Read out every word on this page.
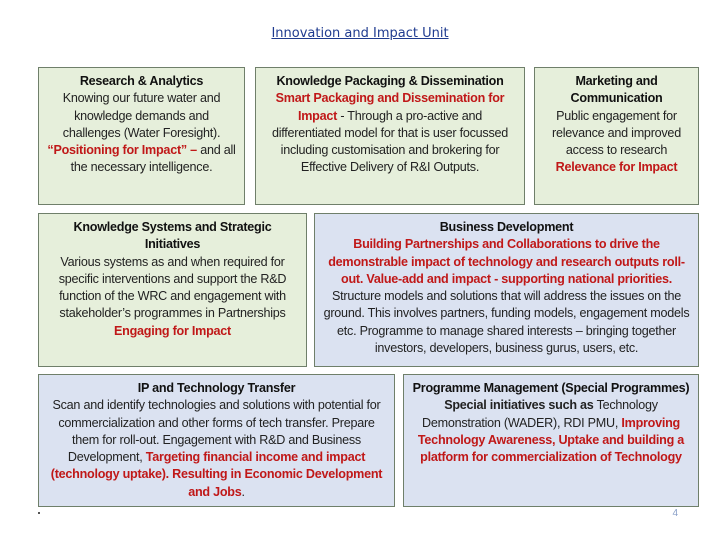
Innovation and Impact Unit
Research & Analytics
Knowing our future water and knowledge demands and challenges (Water Foresight). “Positioning for Impact” – and all the necessary intelligence.
Knowledge Packaging & Dissemination
Smart Packaging and Dissemination for Impact - Through a pro-active and differentiated model for that is user focussed including customisation and brokering for Effective Delivery of R&I Outputs.
Marketing and Communication
Public engagement for relevance and improved access to research
Relevance for Impact
Knowledge Systems and Strategic Initiatives
Various systems as and when required for specific interventions and support the R&D function of the WRC and engagement with stakeholder’s programmes in Partnerships
Engaging for Impact
Business Development
Building Partnerships and Collaborations to drive the demonstrable impact of technology and research outputs roll-out. Value-add and impact - supporting national priorities. Structure models and solutions that will address the issues on the ground. This involves partners, funding models, engagement models etc. Programme to manage shared interests – bringing together investors, developers, business gurus, users, etc.
IP and Technology Transfer
Scan and identify technologies and solutions with potential for commercialization and other forms of tech transfer. Prepare them for roll-out. Engagement with R&D and Business Development, Targeting financial income and impact (technology uptake). Resulting in Economic Development and Jobs.
Programme Management (Special Programmes)
Special initiatives such as Technology Demonstration (WADER), RDI PMU, Improving Technology Awareness, Uptake and building a platform for commercialization of Technology
4
